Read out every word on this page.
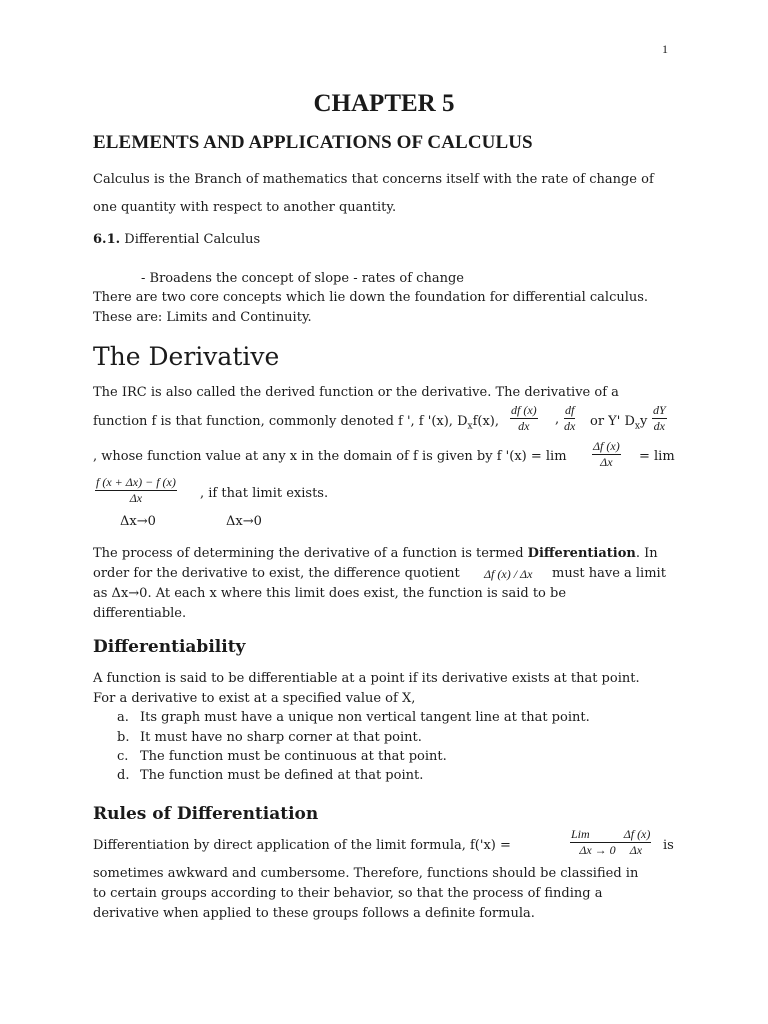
1
CHAPTER 5
ELEMENTS AND APPLICATIONS OF CALCULUS
Calculus is the Branch of mathematics that concerns itself with the rate of change of
one quantity with respect to another quantity.
6.1. Differential Calculus
- Broadens the concept of slope - rates of change
There are two core concepts which lie down the foundation for differential calculus.
These are: Limits and Continuity.
The Derivative
The IRC is also called the derived function or the derivative. The derivative of a
function f is that function, commonly denoted f ', f '(x), $D_xf(x)$, $\frac{df (x)}{dx}$ , $\frac{df}{dx}$ or Y' $D_xy \frac{dY}{dx}$
, whose function value at any x in the domain of f is given by f '$(x) = \lim \frac{\Delta f (x)}{\Delta x} = \lim$
$\frac{f (x + \Delta x) - f (x)}{\Delta x}$ , if that limit exists.
Δx→0	Δx→0
The process of determining the derivative of a function is termed Differentiation. In
order for the derivative to exist, the difference quotient Δf (x) / Δx must have a limit
as Δx→0. At each x where this limit does exist, the function is said to be
differentiable.
Differentiability
A function is said to be differentiable at a point if its derivative exists at that point.
For a derivative to exist at a specified value of X,
a. Its graph must have a unique non vertical tangent line at that point.
b. It must have no sharp corner at that point.
c. The function must be continuous at that point.
d. The function must be defined at that point.
Rules of Differentiation
Differentiation by direct application of the limit formula, f('x) =
Lim	Δf (x)
Δx → 0 Δx is
sometimes awkward and cumbersome. Therefore, functions should be classified in
to certain groups according to their behavior, so that the process of finding a
derivative when applied to these groups follows a definite formula.
